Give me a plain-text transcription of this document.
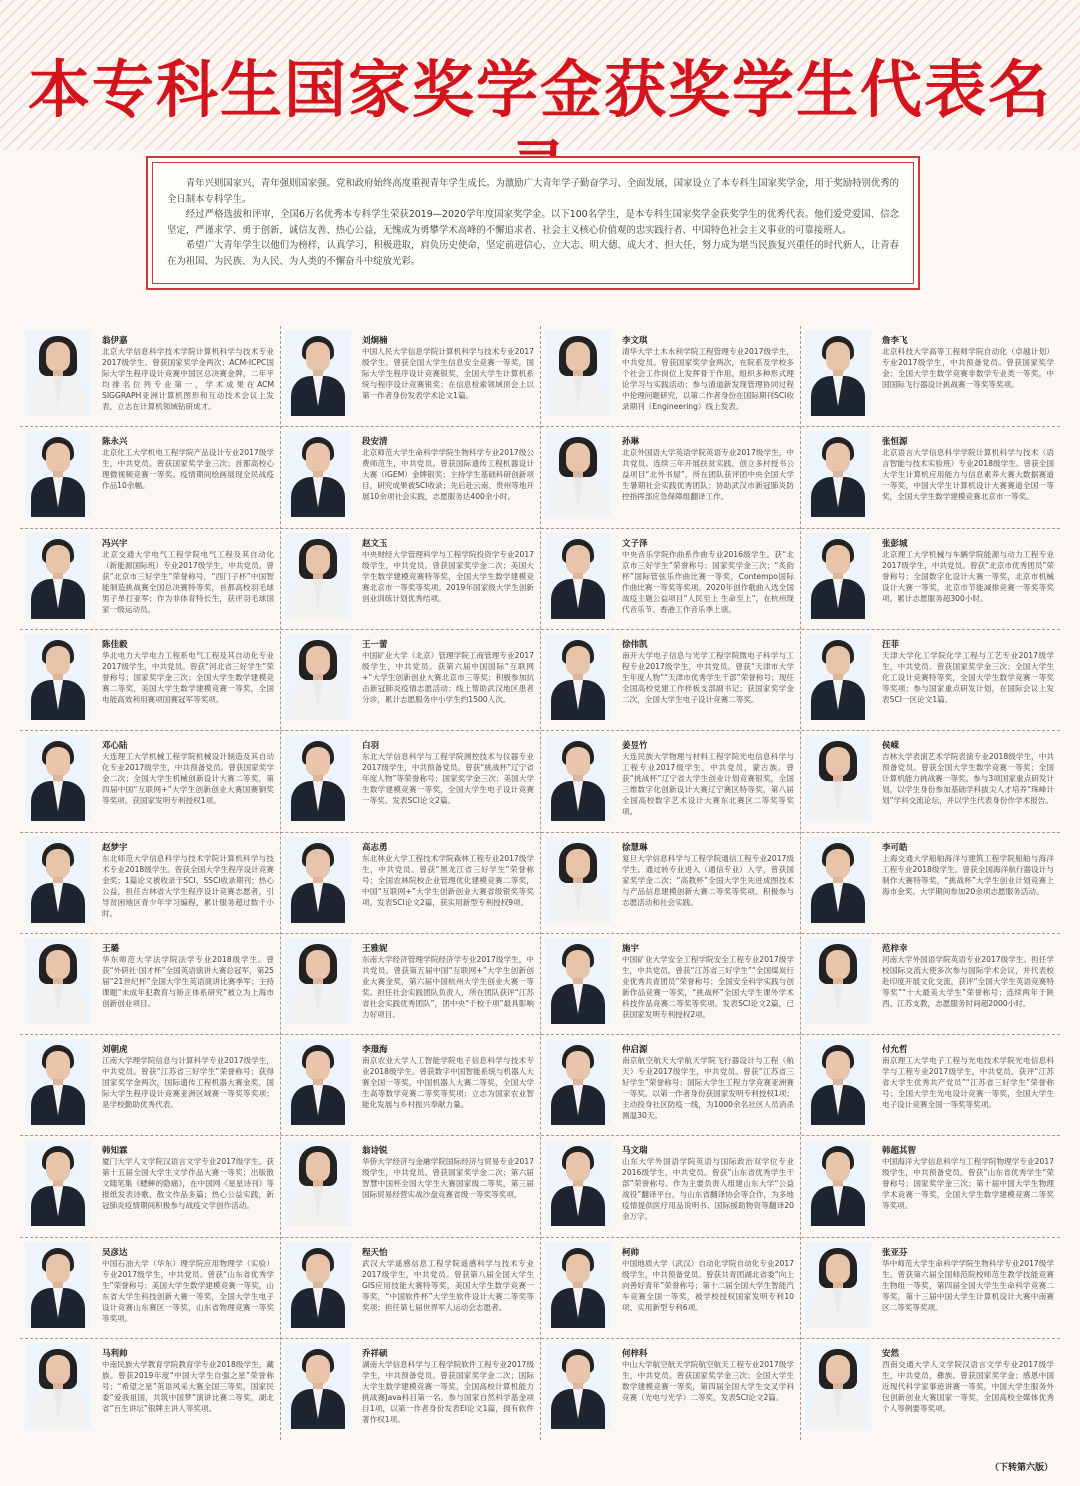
本专科生国家奖学金获奖学生代表名

青年兴则国家兴，青年强则国家强。党和政府始终高度重视青年学生成长。为激励广大青年学子勤奋学习、全面发展，国家设立了本专科生国家奖学金，用于奖励特别优秀的全日制本专科学生。

经过严格选拔和评审，全国6万名优秀本专科学生荣获2019—2020学年度国家奖学金。以下100名学生，是本专科生国家奖学金获奖学生的优秀代表。他们爱党爱国、信念坚定，严谨求学、勇于创新，诚信友善、热心公益，无愧成为勇攀学术高峰的不懈追求者、社会主义核心价值观的忠实践行者、中国特色社会主义事业的可靠接班人。

希望广大青年学生以他们为榜样，认真学习，积极进取，肩负历史使命，坚定前进信心，立大志、明大德、成大才、担大任，努力成为堪当民族复兴重任的时代新人，让青春在为祖国、为民族、为人民、为人类的不懈奋斗中绽放光彩。

翁伊嘉
北京大学信息科学技术学院计算机科学与技术专业2017级学生。曾获国家奖学金两次；ACM-ICPC国际大学生程序设计竞赛中国区总决赛金牌，二年平均排名位列专业第一，学术成果在ACM SIGGRAPH亚洲计算机图形和互动技术会议上发表，立志在计算机领域钻研成才。
刘炯楠
中国人民大学信息学院计算机科学与技术专业2017级学生。曾获全国大学生信息安全竞赛一等奖，国际大学生程序设计竞赛银奖，全国大学生计算机系统与程序设计竞赛银奖；在信息检索领域顶会上以第一作者身份发表学术论文1篇。
李文琪
清华大学土木水利学院工程管理专业2017级学生，中共党员。曾获国家奖学金两次，在院系及学校多个社会工作岗位上发挥骨干作用，组织多种形式理论学习与实践活动；参与清道新发现管理协同过程中伦理问题研究，以第二作者身份在国际期刊SCI收录期刊（Engineering）线上发表。
詹李飞
北京科技大学高等工程师学院自动化（卓越计划）专业2017级学生，中共预备党员。曾获国家奖学金；全国大学生数学竞赛非数学专业类一等奖，中国国际飞行器设计挑战赛一等奖等奖项。
陈永兴
北京化工大学机电工程学院产品设计专业2017级学生，中共党员。曾获国家奖学金三次；首都高校心理微视频竞赛一等奖。疫情期间绘画展现全民战疫作品10余幅。
段安清
北京师范大学生命科学学院生物科学专业2017级公费师范生，中共党员。曾获国际遗传工程机器设计大赛（iGEM）金牌银奖；主持学生基础科研创新项目，研究成果被SCI收录；先后赴云南、贵州等地开展10余项社会实践，志愿服务达400余小时。
孙琳
北京外国语大学英语学院英语专业2017级学生，中共党员。连续三年开展扶贫实践，创立多村授书公益项目“北外书屋”，所在团队获评团中央全国大学生暑期社会实践优秀团队；协助武汉市新冠肺炎防控指挥部应急保障组翻译工作。
张恒源
北京语言大学信息科学学院计算机科学与技术（语言智能与技术实验班）专业2018级学生。曾获全国大学生计算机应用能力与信息素养大赛大数据赛道一等奖，中国大学生计算机设计大赛赛道全国一等奖，全国大学生数学建模竞赛北京市一等奖。
冯兴宇
北京交通大学电气工程学院电气工程及其自动化（新能源国际班）专业2017级学生，中共党员。曾获“北京市三好学生”荣誉称号，“西门子杯”中国智能制造挑战赛全国总决赛特等奖，首都高校羽毛球男子单打亚军；作为非体育特长生，获评羽毛球国家一级运动员。
赵文玉
中央财经大学管理科学与工程学院投资学专业2017级学生，中共党员。曾获国家奖学金二次；美国大学生数学建模竞赛特等奖，全国大学生数学建模竞赛北京市一等奖等奖项。2019年国家级大学生创新创业训练计划优秀结项。
文子泽
中央音乐学院作曲系作曲专业2016级学生。获“北京市三好学生”荣誉称号；国家奖学金三次；“炙韵杯”国际管弦乐作曲比赛一等奖，Contempo国际作曲比赛一等奖等奖项。2020年创作歌曲入选全国战疫主题公益项目“人民至上 生命至上”，在杭州现代音乐节、香港工作音乐季上演。
张彭城
北京理工大学机械与车辆学院能源与动力工程专业2017级学生，中共党员。曾获“北京市优秀团员”荣誉称号；全国数字化设计大赛一等奖，北京市机械设计大赛一等奖，北京市节能减排竞赛一等奖等奖项。累计志愿服务超300小时。
陈佳毅
华北电力大学电力工程系电气工程及其自动化专业2017级学生，中共党员。曾获“河北省三好学生”荣誉称号；国家奖学金三次；全国大学生数学建模竞赛二等奖，美国大学生数学建模竞赛一等奖，全国电能高效利用赛项国赛冠军等奖项。
王一蕾
中国矿业大学（北京）管理学院工商管理专业2017级学生，中共党员。获第六届中国国际“互联网+”大学生创新创业大赛北京市三等奖；积极参加抗击新冠肺炎疫情志愿活动；线上帮助武汉地区患者分诊，累计志愿服务中小学生约1500人次。
徐伟凯
南开大学电子信息与光学工程学院微电子科学与工程专业2017级学生，中共党员。曾获“天津市大学生年度人物”“天津市优秀学生干部”荣誉称号；现任全国高校党建工作样板支部副书记；获国家奖学金二次，全国大学生电子设计竞赛二等奖。
汪菲
天津大学化工学院化学工程与工艺专业2017级学生，中共党员。曾获国家奖学金三次；全国大学生化工设计竞赛特等奖，全国大学生数学竞赛一等奖等奖项；参与国家重点研发计划，在国际会议上发表SCI一区论文1篇。
邓心陆
大连理工大学机械工程学院机械设计制造及其自动化专业2017级学生，中共预备党员。曾获国家奖学金二次；全国大学生机械创新设计大赛二等奖，第四届中国“互联网+”大学生创新创业大赛国赛铜奖等奖项。获国家发明专利授权1项。
白羽
东北大学信息科学与工程学院测控技术与仪器专业2017级学生，中共预备党员。曾获“挑战杯”辽宁省年度人物”等荣誉称号；国家奖学金三次；美国大学生数学建模竞赛一等奖，全国大学生电子设计竞赛一等奖。发表SCI论文2篇。
姜昱竹
大连民族大学物理与材料工程学院光电信息科学与工程专业2017级学生，中共党员，蒙古族。曾获“挑战杯”辽宁省大学生创业计划竞赛银奖，全国三维数字化创新设计大赛辽宁赛区特等奖，第八届全国高校数字艺术设计大赛东北赛区二等奖等奖项。
侯嵘
吉林大学表演艺术学院表演专业2018级学生，中共预备党员。曾获全国大学生数学竞赛一等奖；全国计算机能力挑战赛一等奖。参与3项国家重点研发计划，以学生身份参加基础学科拔尖人才培养“珠峰计划”学科交流论坛，并以学生代表身份作学术报告。
赵梦宇
东北师范大学信息科学与技术学院计算机科学与技术专业2018级学生。曾获全国大学生程序设计竞赛金奖；1篇论文被收录于SCI、SSCI收录期刊；热心公益，担任吉林省大学生程序设计竞赛志愿者，引导贫困地区青少年学习编程，累计服务超过数千小时。
高志勇
东北林业大学工程技术学院森林工程专业2017级学生，中共党员。曾获“黑龙江省三好学生”荣誉称号；全国农林院校企业管理优化建模竞赛二等奖，中国“互联网+”大学生创新创业大赛省级银奖等奖项。发表SCI论文2篇，获实用新型专利授权9项。
徐慧琳
复旦大学信息科学与工程学院通信工程专业2017级学生。通过转专业进入（通信专业）入学，曾获国家奖学金二次；“高教杯”全国大学生先进成图技术与产品信息建模创新大赛二等奖等奖项。积极参与志愿活动和社会实践。
李可皓
上海交通大学船舶海洋与建筑工程学院船舶与海洋工程专业2018级学生。曾获全国海洋航行器设计与制作大赛特等奖，“挑战杯”大学生创业计划竞赛上海市金奖。大学期间参加20余项志愿服务活动。
王璐
华东师范大学法学院法学专业2018级学生。曾获“外研社·国才杯”全国英语演讲大赛总冠军，第25届“21世纪杯”全国大学生英语演讲比赛季军；主持课题“未成年犯教育与矫正体系研究”被立为上海市创新创业项目。
王雅妮
东南大学经济管理学院经济学专业2017级学生，中共党员。曾获第五届中国“互联网+”大学生创新创业大赛金奖，第六届中国杭州大学生创业大赛一等奖。担任社会实践团队负责人，所在团队获评“江苏省社会实践优秀团队”，团中央“千校千项”最具影响力好项目。
施宇
中国矿业大学安全工程学院安全工程专业2017级学生，中共党员。曾获“江苏省三好学生”“全国煤炭行业优秀共青团员”荣誉称号；全国安全科学实践与创新作品竞赛一等奖，“挑战杯”全国大学生课外学术科技作品竞赛二等奖等奖项。发表SCI论文2篇，已获国家发明专利授权2项。
范梓幸
河南大学外国语学院英语专业2017级学生。担任学校国际交流大使多次参与国际学术会议，并代表校赴印度开展文化交流，获评“全国大学生英语竞赛特等奖”“十大最美大学生”荣誉称号；连续两年于陕西、江苏支教，志愿服务时间超2000小时。
刘朝虎
江南大学理学院信息与计算科学专业2017级学生，中共党员。曾获“江苏省三好学生”荣誉称号；获得国家奖学金两次，国际遗传工程机器大赛金奖，国际大学生程序设计竞赛亚洲区域赛一等奖等奖项；是学校勤助优秀代表。
李璟海
南京农业大学人工智能学院电子信息科学与技术专业2018级学生。曾获数字中国智能系统与机器人大赛全国一等奖，中国机器人大赛二等奖，全国大学生高等数学竞赛二等奖等奖项；立志为国家农业智能化发展与乡村振兴奉献力量。
仲启源
南京航空航天大学航天学院飞行器设计与工程（航天）专业2017级学生，中共党员。曾获“江苏省三好学生”荣誉称号；国际大学生工程力学竞赛亚洲赛一等奖。以第一作者身份获国家发明专利授权1项；主动投身社区防疫一线，为1000余名社区人员消杀测温30天。
付允哲
南京理工大学电子工程与光电技术学院光电信息科学与工程专业2017级学生，中共党员。获评“江苏省大学生优秀共产党员”“江苏省三好学生”荣誉称号；全国大学生光电设计竞赛一等奖，全国大学生电子设计竞赛全国一等奖等奖项。
韩知霖
厦门大学人文学院汉语言文学专业2017级学生。获第十五届全国大学生文学作品大赛一等奖；出版散文随笔集《蟋蟀的隐痛》，在中国网《星星诗刊》等报纸发表诗歌、散文作品多篇；热心公益实践，新冠肺炎疫情期间积极参与战疫文学创作活动。
翁诗锐
华侨大学经济与金融学院国际经济与贸易专业2017级学生，中共党员。曾获国家奖学金二次；第六届智慧中国杯全国大学生大赛国家级二等奖，第三届国际贸易经营实战沙盘竞赛省级一等奖等奖项。
马文瑞
山东大学外国语学院英语与国际政治双学位专业2016级学生，中共党员。曾获“山东省优秀学生干部”荣誉称号。作为主要负责人组建山东大学“公益战役”翻译平台，与山东省翻译协会等合作，为多地疫情提供医疗用品说明书、国际援助物资等翻译20余万字。
韩超其智
中国海洋大学信息科学与工程学院物理学专业2017级学生，中共预备党员。曾获“山东省优秀学生”荣誉称号；国家奖学金三次；第十届中国大学生物理学术竞赛一等奖，全国大学生数学建模竞赛二等奖等奖项。
吴彦达
中国石油大学（华东）理学院应用物理学（实验）专业2017级学生，中共党员。曾获“山东省优秀学生”荣誉称号；美国大学生数学建模竞赛一等奖，山东省大学生科技创新大赛一等奖，全国大学生电子设计竞赛山东赛区一等奖，山东省物理竞赛一等奖等奖项。
程天怡
武汉大学遥感信息工程学院遥感科学与技术专业2017级学生，中共党员。曾获第八届全国大学生GIS应用技能大赛特等奖，美国大学生数学竞赛一等奖，“中国软件杯”大学生软件设计大赛二等奖等奖项；担任第七届世界军人运动会志愿者。
柯帅
中国地质大学（武汉）自动化学院自动化专业2017级学生，中共预备党员。曾获共青团湖北省委“向上向善好青年”荣誉称号；第十二届全国大学生智能汽车竞赛全国一等奖，被学校授权国家发明专利10项、实用新型专利6项。
张亚芬
华中师范大学生命科学学院生物科学专业2017级学生。曾获第六届全国师范院校师范生教学技能竞赛生物组一等奖，第四届全国大学生生命科学竞赛二等奖，第十三届中国大学生计算机设计大赛中南赛区二等奖等奖项。
马利帅
中南民族大学教育学院教育学专业2018级学生，藏族。曾获2019年度“中国大学生自强之星”荣誉称号；“希望之星”英语风采大赛全国三等奖，国家民委“爱我祖国，共筑中国梦”演讲比赛二等奖，湖北省“百生讲坛”银牌主讲人等奖项。
乔祥硕
湖南大学信息科学与工程学院软件工程专业2017级学生，中共预备党员。曾获国家奖学金二次；国际大学生数学建模竞赛一等奖，全国高校计算机能力挑战赛Java科目第一名。参与国家自然科学基金项目1项，以第一作者身份发表EI论文1篇，拥有软件著作权1项。
何梓科
中山大学航空航天学院航空航天工程专业2017级学生，中共党员。曾获国家奖学金三次；全国大学生数学建模竞赛一等奖，第四届全国大学生交叉学科竞赛（光电与光学）二等奖，发表SCI论文2篇。
安然
西南交通大学人文学院汉语言文学专业2017级学生，中共党员，彝族。曾获国家奖学金；感恩中国近现代科学家事迹讲赛一等奖，中国大学生服务外包创新创业大赛国家一等奖，全国高校全媒体优秀个人等例要等奖项。
（下转第六版）
